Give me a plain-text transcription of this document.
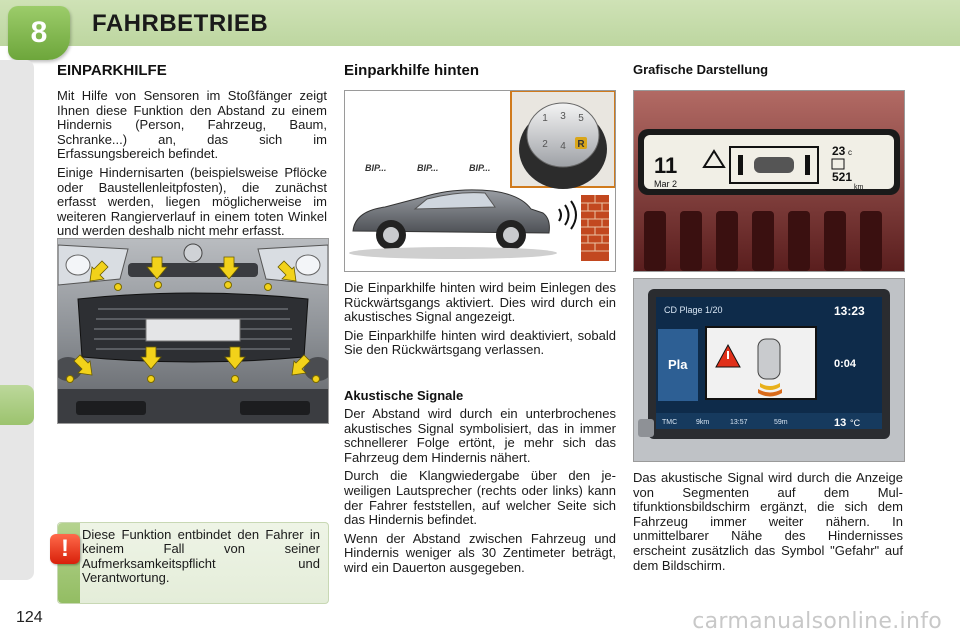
8	FAHRBETRIEB
EINPARKHILFE

Mit Hilfe von Sensoren im Stoßfänger zeigt Ihnen diese Funktion den Abstand zu einem Hindernis (Person, Fahrzeug, Baum, Schranke...) an, das sich im Erfassungsbereich befindet.

Einige Hindernisarten (beispielsweise Pflöcke oder Baustellenleitpfosten), die zunächst erfasst werden, liegen möglicherweise im weiteren Rangierverlauf in einem toten Winkel und werden deshalb nicht mehr erfasst.

!
Diese Funktion entbindet den Fahrer in keinem Fall von seiner Aufmerksamkeitspflicht und Verantwortung.
Einparkhilfe hinten
1 3 5
2 4 R
BIP...	BIP...	BIP...

Die Einparkhilfe hinten wird beim Einlegen des Rückwärtsgangs aktiviert. Dies wird durch ein akustisches Signal angezeigt.

Die Einparkhilfe hinten wird deaktiviert, sobald Sie den Rückwärtsgang verlassen.

Akustische Signale

Der Abstand wird durch ein unterbrochenes akustisches Signal symbolisiert, das in immer schnellerer Folge ertönt, je mehr sich das Fahrzeug dem Hindernis nähert.

Durch die Klangwiedergabe über den jeweiligen Lautsprecher (rechts oder links) kann der Fahrer feststellen, auf welcher Seite sich das Hindernis befindet.

Wenn der Abstand zwischen Fahrzeug und Hindernis weniger als 30 Zentimeter beträgt, wird ein Dauerton ausgegeben.

Grafische Darstellung
11
Mar 2
23 c
521
km
CD Plage 1/20	13:23
Pla	0:04
TMC	9km	13:57	59m	13 °C

Das akustische Signal wird durch die Anzeige von Segmenten auf dem Multifunktionsbildschirm ergänzt, die sich dem Fahrzeug immer weiter nähern. In unmittelbarer Nähe des Hindernisses erscheint zusätzlich das Symbol "Gefahr" auf dem Bildschirm.

124	carmanualsonline.info
